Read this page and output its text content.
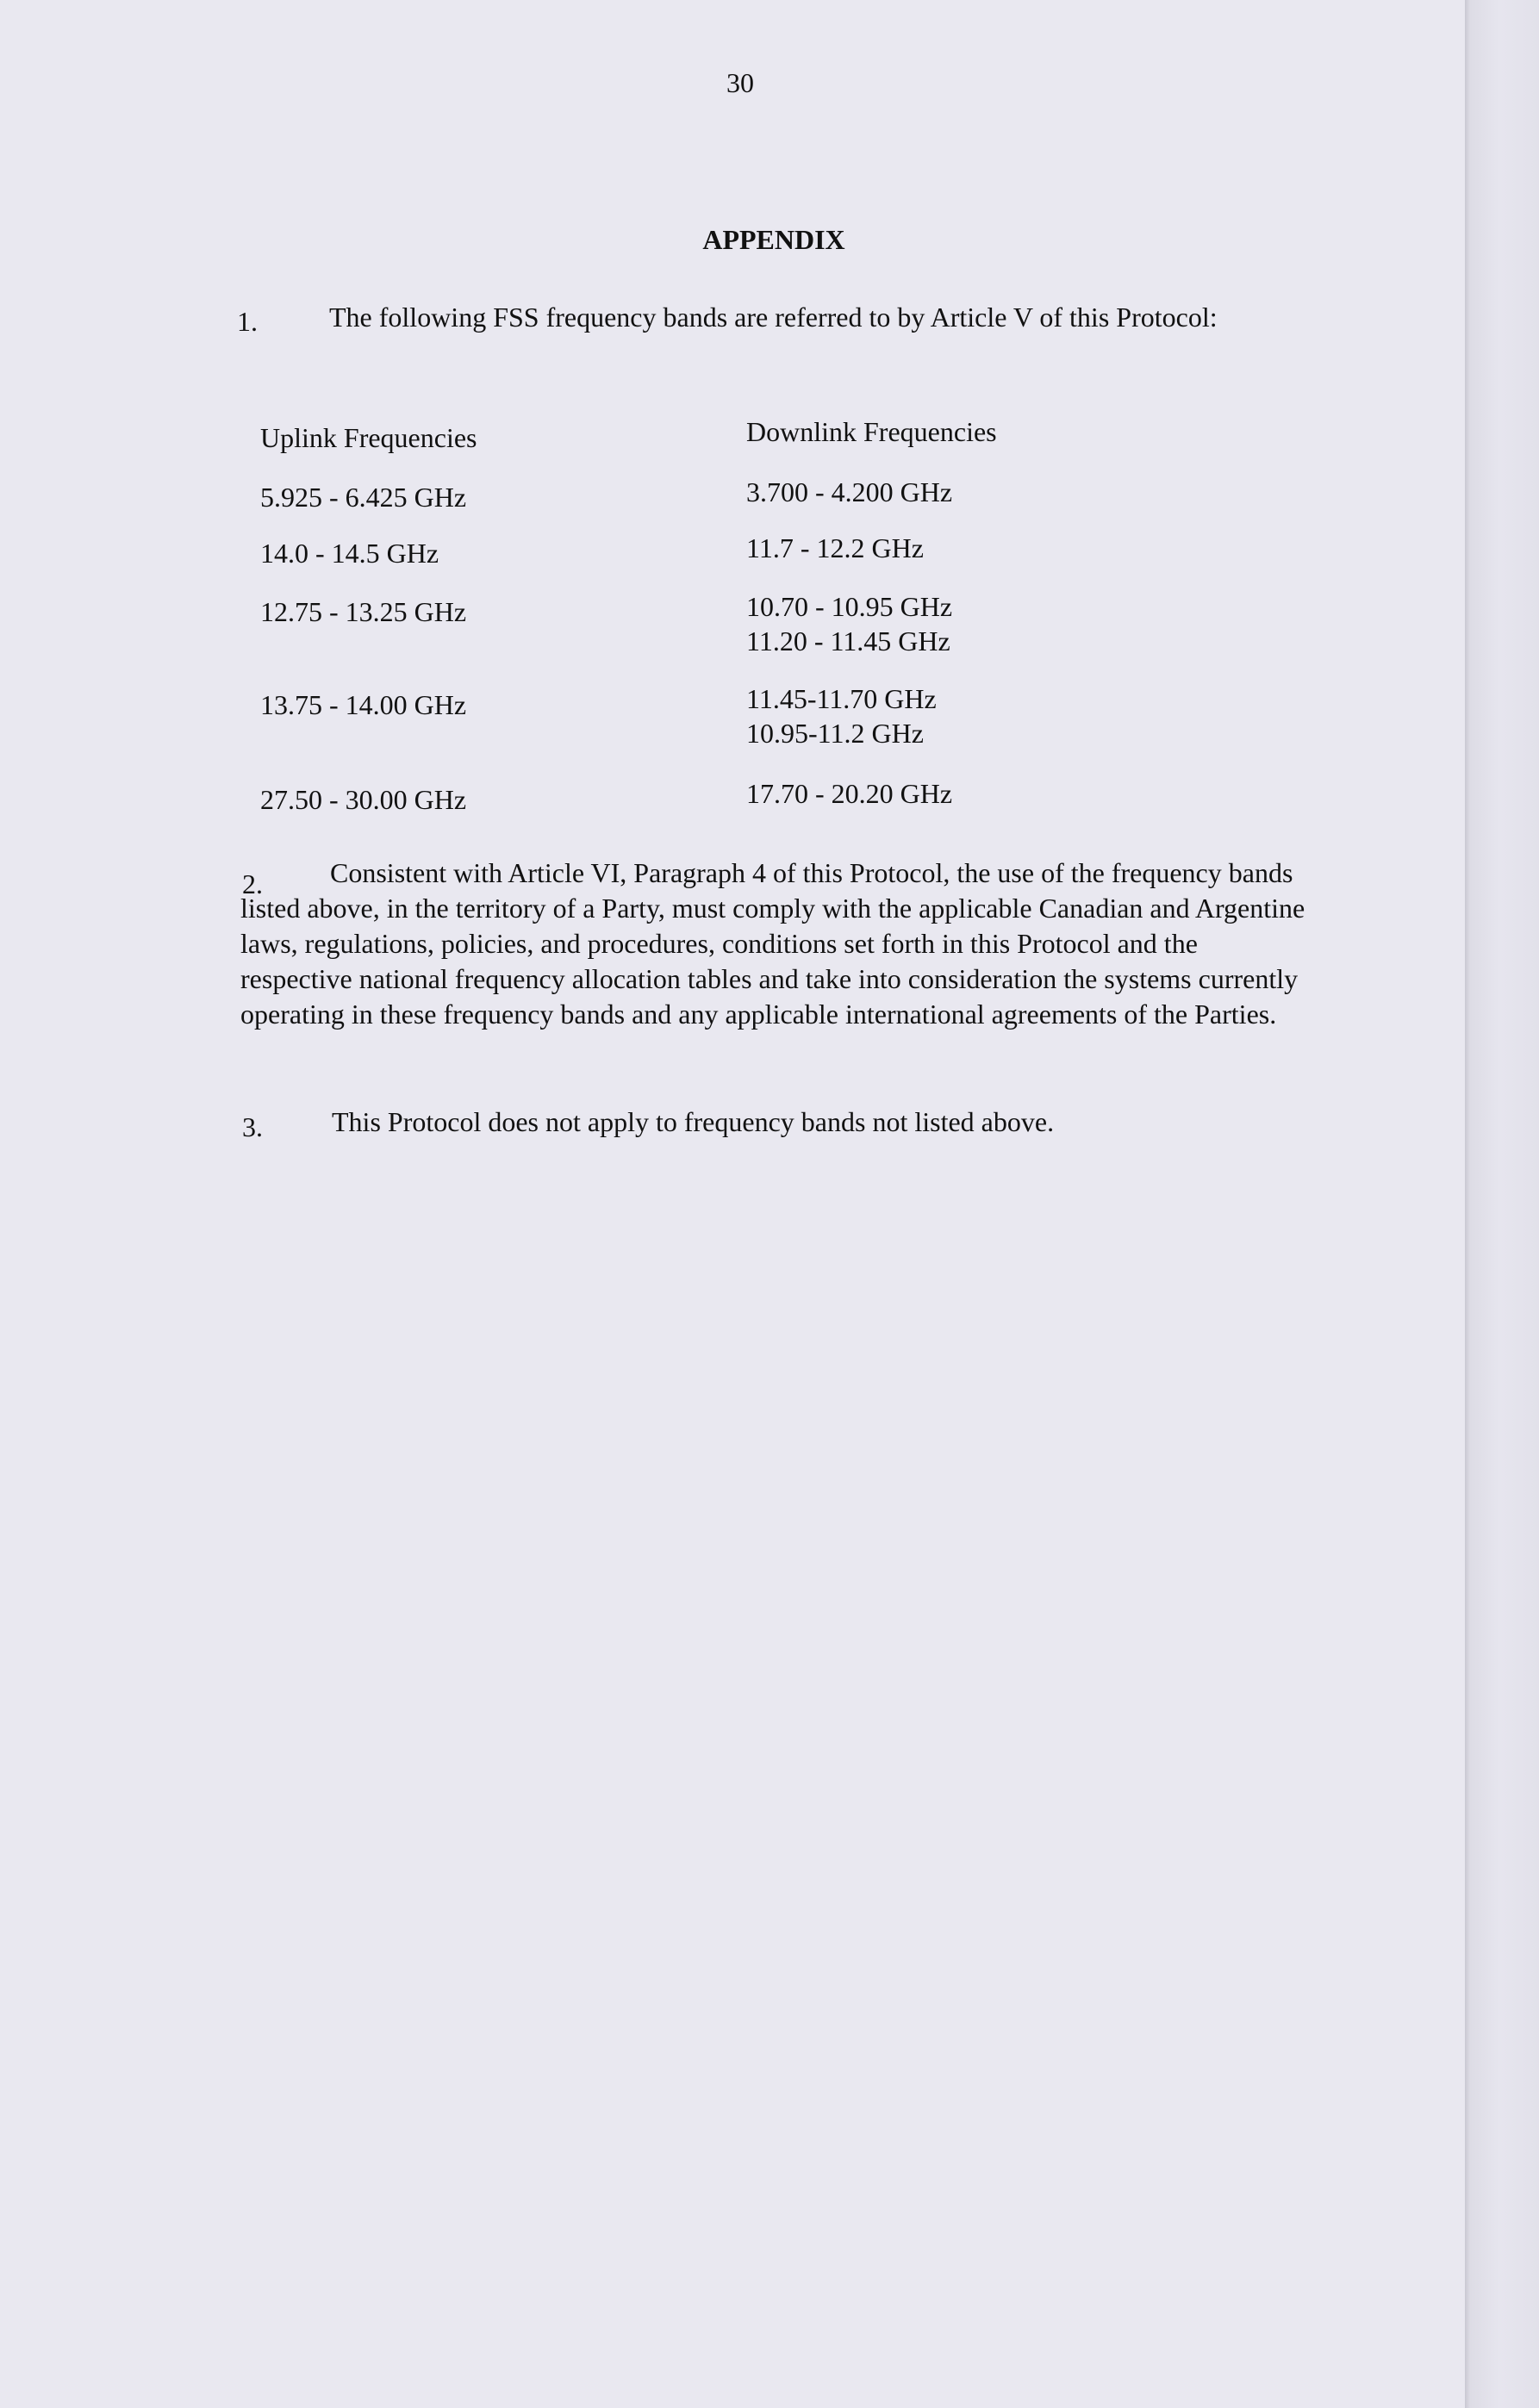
30
APPENDIX
1.	The following FSS frequency bands are referred to by Article V of this Protocol:
Uplink Frequencies	Downlink Frequencies
5.925 - 6.425 GHz	3.700 - 4.200 GHz
14.0 - 14.5 GHz	11.7 - 12.2 GHz
12.75 - 13.25 GHz	10.70 - 10.95 GHz
11.20 - 11.45 GHz
13.75 - 14.00 GHz	11.45-11.70 GHz
10.95-11.2 GHz
27.50 - 30.00 GHz	17.70 - 20.20 GHz
2.	Consistent with Article VI, Paragraph 4 of this Protocol, the use of the frequency bands listed above, in the territory of a Party, must comply with the applicable Canadian and Argentine laws, regulations, policies, and procedures, conditions set forth in this Protocol and the respective national frequency allocation tables and take into consideration the systems currently operating in these frequency bands and any applicable international agreements of the Parties.
3.	This Protocol does not apply to frequency bands not listed above.
